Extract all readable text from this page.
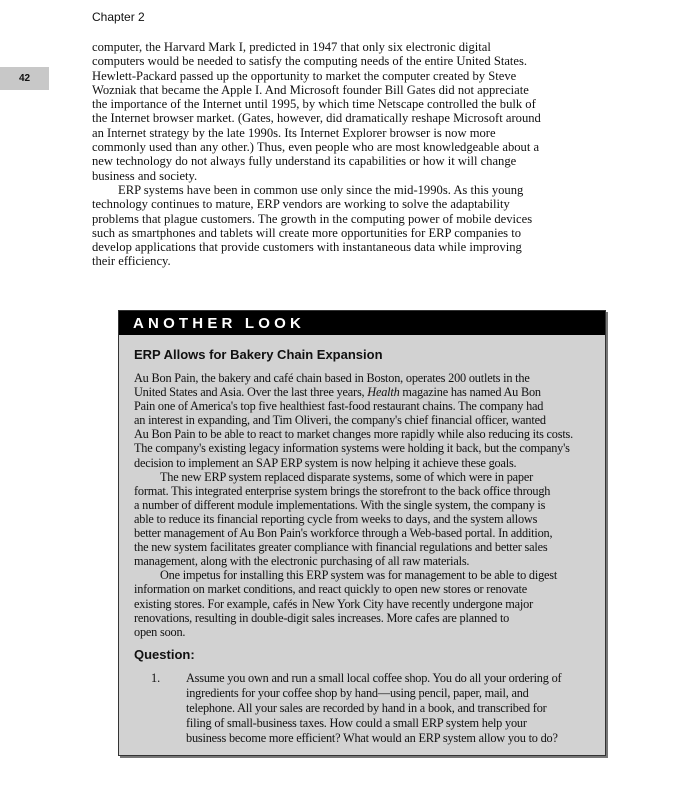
Chapter 2
42
computer, the Harvard Mark I, predicted in 1947 that only six electronic digital
computers would be needed to satisfy the computing needs of the entire United States.
Hewlett-Packard passed up the opportunity to market the computer created by Steve
Wozniak that became the Apple I. And Microsoft founder Bill Gates did not appreciate
the importance of the Internet until 1995, by which time Netscape controlled the bulk of
the Internet browser market. (Gates, however, did dramatically reshape Microsoft around
an Internet strategy by the late 1990s. Its Internet Explorer browser is now more
commonly used than any other.) Thus, even people who are most knowledgeable about a
new technology do not always fully understand its capabilities or how it will change
business and society.
ERP systems have been in common use only since the mid-1990s. As this young
technology continues to mature, ERP vendors are working to solve the adaptability
problems that plague customers. The growth in the computing power of mobile devices
such as smartphones and tablets will create more opportunities for ERP companies to
develop applications that provide customers with instantaneous data while improving
their efficiency.
ANOTHER LOOK
ERP Allows for Bakery Chain Expansion
Au Bon Pain, the bakery and café chain based in Boston, operates 200 outlets in the
United States and Asia. Over the last three years, Health magazine has named Au Bon
Pain one of America's top five healthiest fast-food restaurant chains. The company had
an interest in expanding, and Tim Oliveri, the company's chief financial officer, wanted
Au Bon Pain to be able to react to market changes more rapidly while also reducing its costs.
The company's existing legacy information systems were holding it back, but the company's
decision to implement an SAP ERP system is now helping it achieve these goals.
The new ERP system replaced disparate systems, some of which were in paper
format. This integrated enterprise system brings the storefront to the back office through
a number of different module implementations. With the single system, the company is
able to reduce its financial reporting cycle from weeks to days, and the system allows
better management of Au Bon Pain's workforce through a Web-based portal. In addition,
the new system facilitates greater compliance with financial regulations and better sales
management, along with the electronic purchasing of all raw materials.
One impetus for installing this ERP system was for management to be able to digest
information on market conditions, and react quickly to open new stores or renovate
existing stores. For example, cafés in New York City have recently undergone major
renovations, resulting in double-digit sales increases. More cafes are planned to
open soon.
Question:
1.	Assume you own and run a small local coffee shop. You do all your ordering of
ingredients for your coffee shop by hand—using pencil, paper, mail, and
telephone. All your sales are recorded by hand in a book, and transcribed for
filing of small-business taxes. How could a small ERP system help your
business become more efficient? What would an ERP system allow you to do?
